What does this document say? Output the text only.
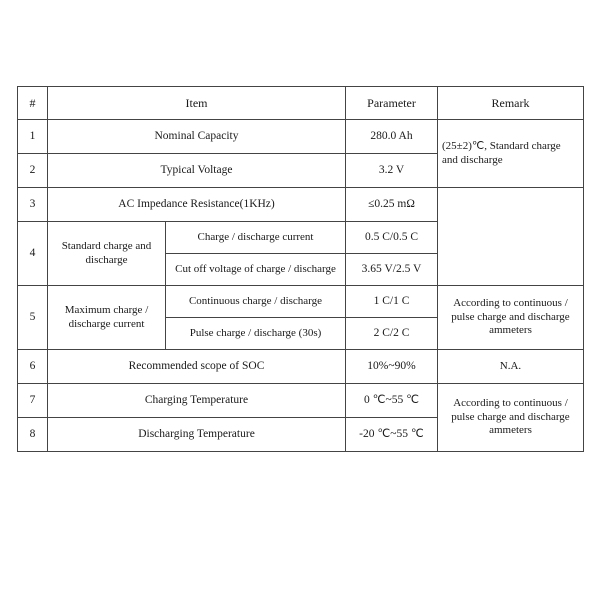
#	Item		Parameter	Remark
1	Nominal Capacity		280.0 Ah	(25±2)℃, Standard charge and discharge
2	Typical Voltage		3.2 V	
3	AC Impedance Resistance(1KHz)		≤0.25 mΩ	
4	Standard charge and discharge	Charge / discharge current	0.5 C/0.5 C	
		Cut off voltage of charge / discharge	3.65 V/2.5 V	
5	Maximum charge / discharge current	Continuous charge / discharge	1 C/1 C	According to continuous / pulse charge and discharge ammeters
		Pulse charge / discharge (30s)	2 C/2 C	
6	Recommended scope of SOC		10%~90%	N.A.
7	Charging Temperature		0 ℃~55 ℃	According to continuous / pulse charge and discharge ammeters
8	Discharging Temperature		-20 ℃~55 ℃	
